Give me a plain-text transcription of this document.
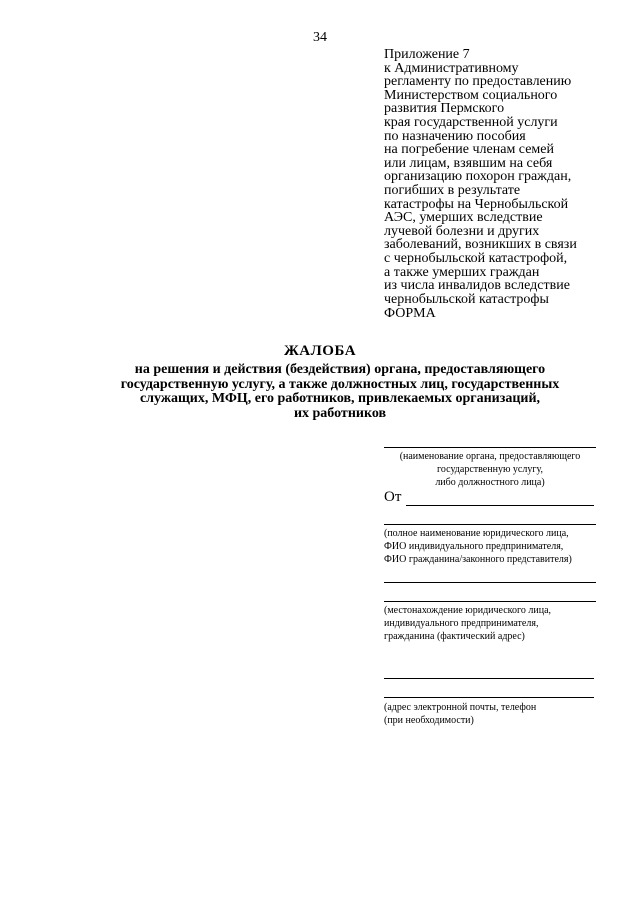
34
Приложение 7
к Административному
регламенту по предоставлению
Министерством социального
развития Пермского
края государственной услуги
по назначению пособия
на погребение членам семей
или лицам, взявшим на себя
организацию похорон граждан,
погибших в результате
катастрофы на Чернобыльской
АЭС, умерших вследствие
лучевой болезни и других
заболеваний, возникших в связи
с чернобыльской катастрофой,
а также умерших граждан
из числа инвалидов вследствие
чернобыльской катастрофы
ФОРМА
ЖАЛОБА
на решения и действия (бездействия) органа, предоставляющего
государственную услугу, а также должностных лиц, государственных
служащих, МФЦ, его работников, привлекаемых организаций,
их работников
(наименование органа, предоставляющего
государственную услугу,
либо должностного лица)
От
(полное наименование юридического лица,
ФИО индивидуального предпринимателя,
ФИО гражданина/законного представителя)
(местонахождение юридического лица,
индивидуального предпринимателя,
гражданина (фактический адрес)
(адрес электронной почты, телефон
(при необходимости)
